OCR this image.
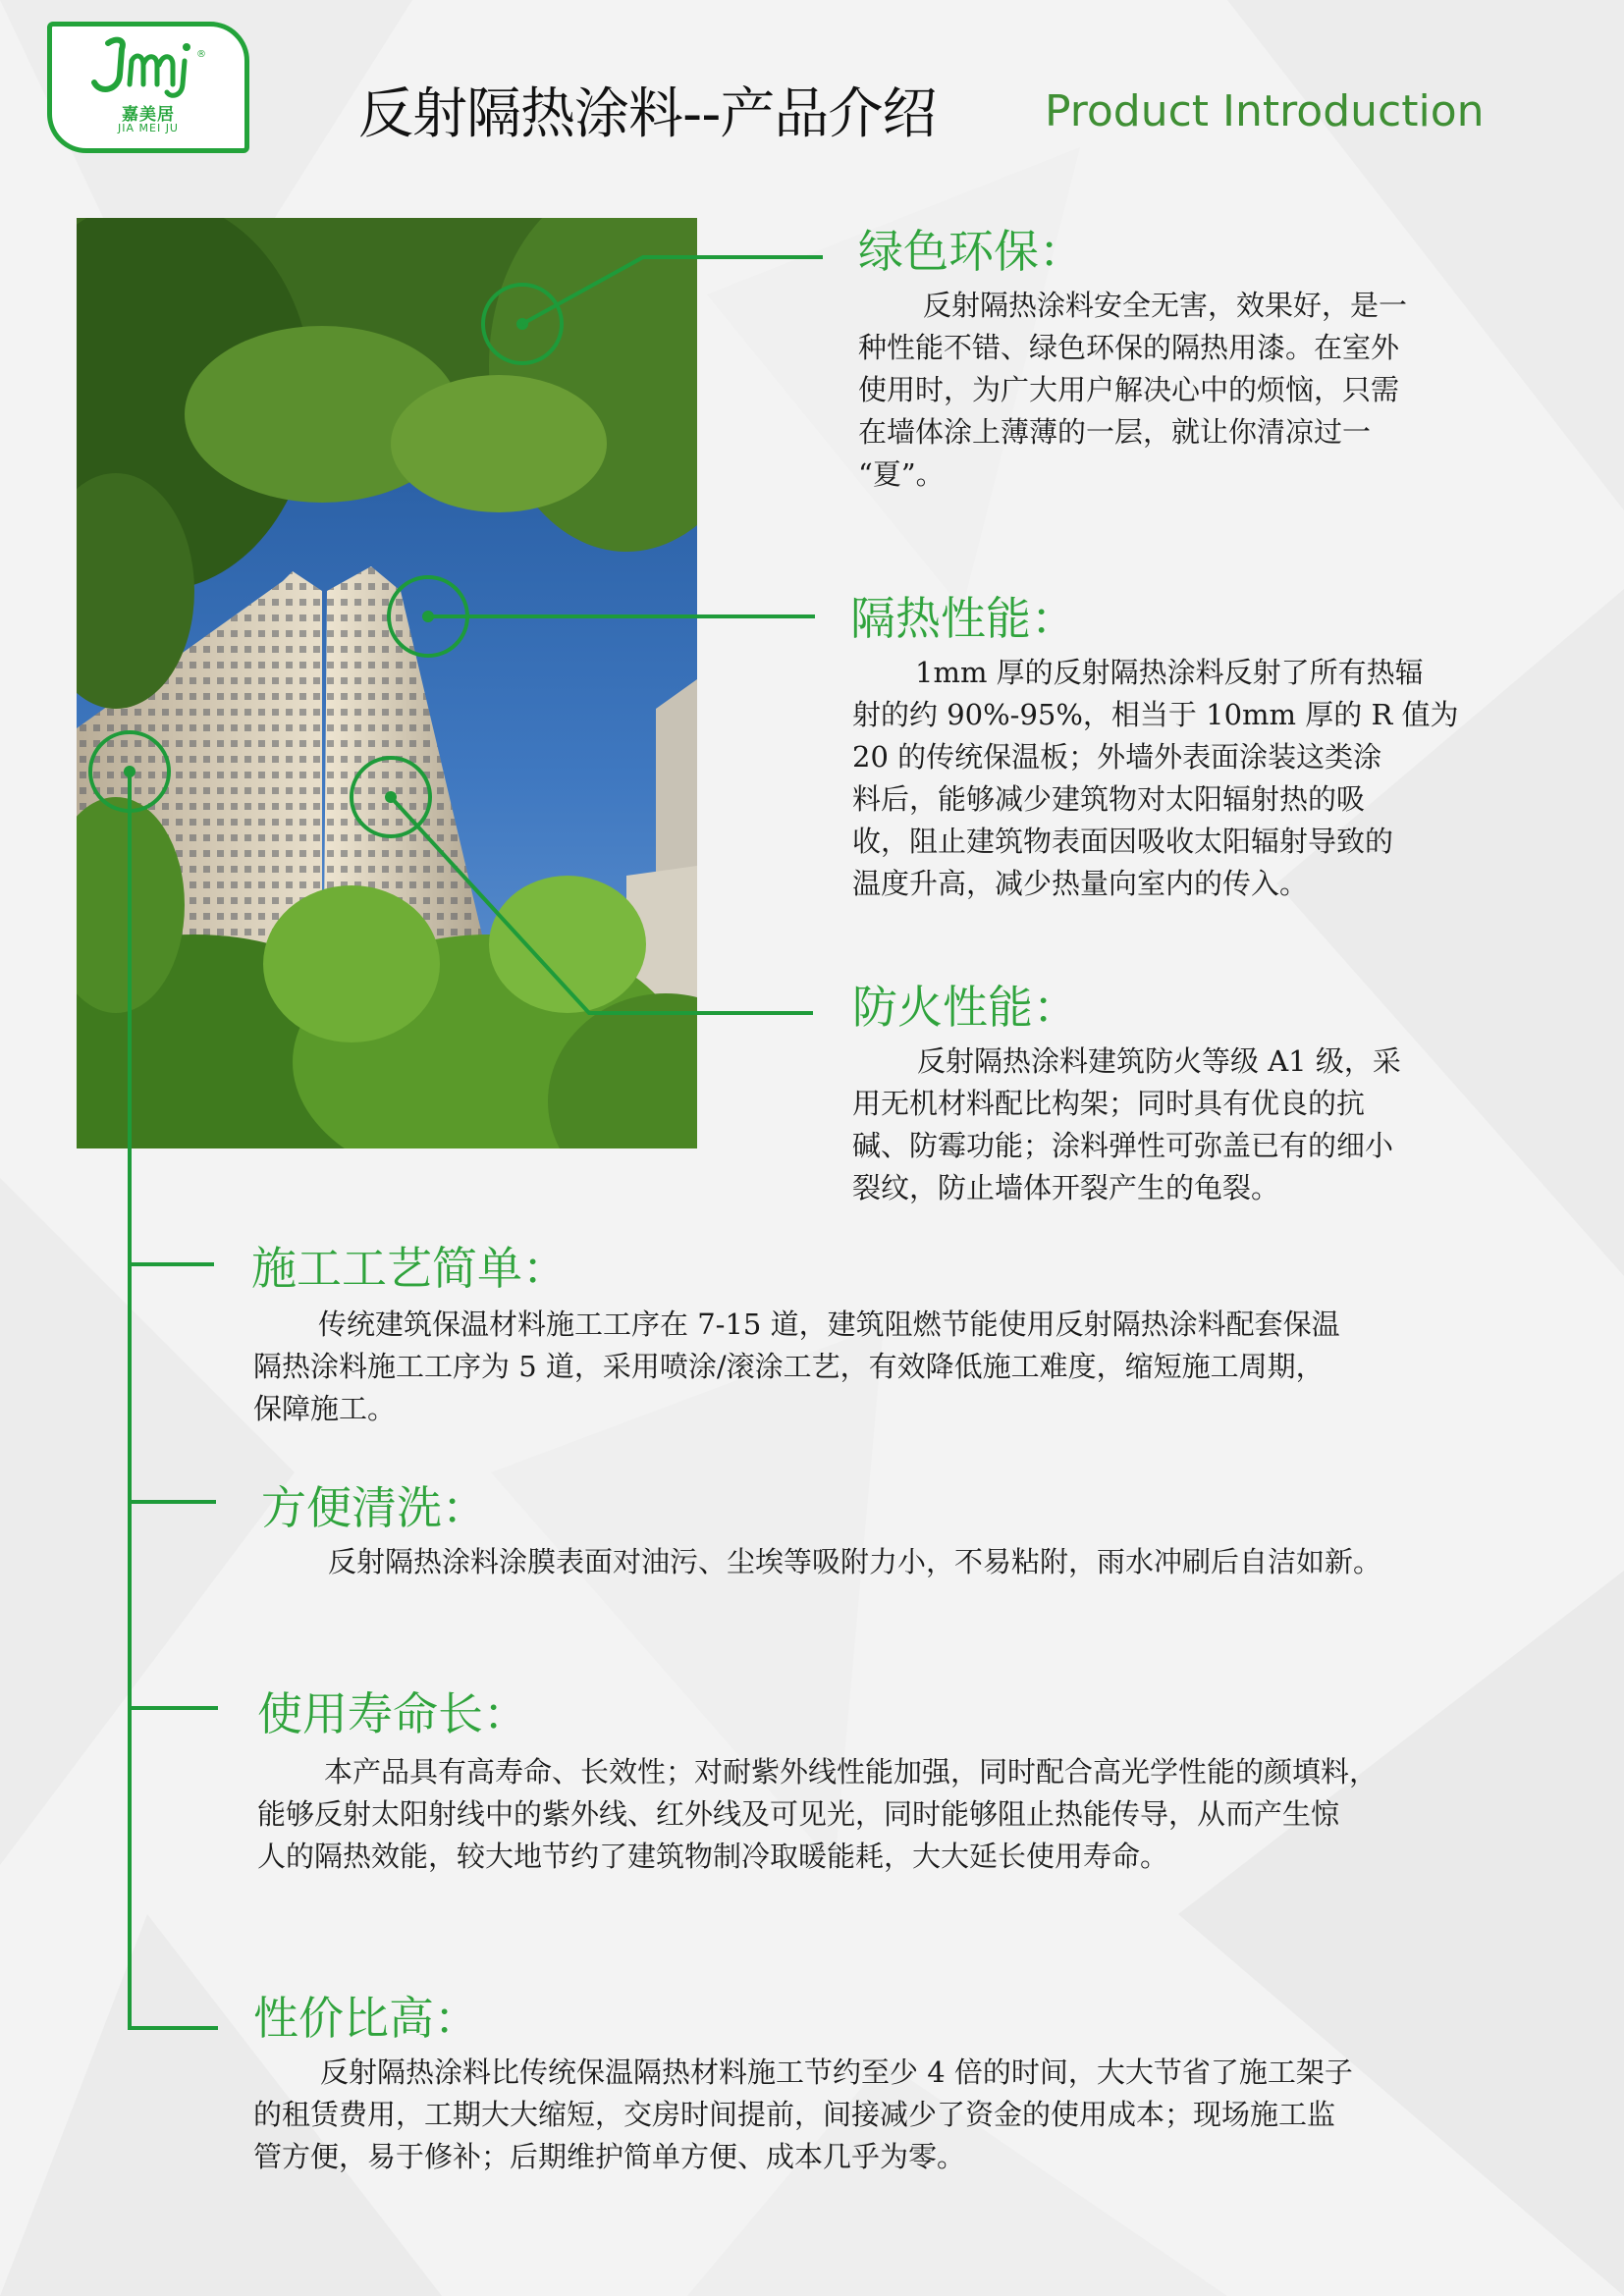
®
嘉美居
JIA MEI JU	反射隔热涂料--产品介绍	Product Introduction
绿色环保：
反射隔热涂料安全无害，效果好，是一
种性能不错、绿色环保的隔热用漆。在室外
使用时，为广大用户解决心中的烦恼，只需
在墙体涂上薄薄的一层，就让你清凉过一
“夏”。
隔热性能：
1mm 厚的反射隔热涂料反射了所有热辐
射的约 90%-95%，相当于 10mm 厚的 R 值为
20 的传统保温板；外墙外表面涂装这类涂
料后，能够减少建筑物对太阳辐射热的吸
收，阻止建筑物表面因吸收太阳辐射导致的
温度升高，减少热量向室内的传入。
防火性能：
反射隔热涂料建筑防火等级 A1 级，采
用无机材料配比构架；同时具有优良的抗
碱、防霉功能；涂料弹性可弥盖已有的细小
裂纹，防止墙体开裂产生的龟裂。
施工工艺简单：
传统建筑保温材料施工工序在 7-15 道，建筑阻燃节能使用反射隔热涂料配套保温
隔热涂料施工工序为 5 道，采用喷涂/滚涂工艺，有效降低施工难度，缩短施工周期，
保障施工。
方便清洗：
反射隔热涂料涂膜表面对油污、尘埃等吸附力小，不易粘附，雨水冲刷后自洁如新。
使用寿命长：
本产品具有高寿命、长效性；对耐紫外线性能加强，同时配合高光学性能的颜填料，
能够反射太阳射线中的紫外线、红外线及可见光，同时能够阻止热能传导，从而产生惊
人的隔热效能，较大地节约了建筑物制冷取暖能耗，大大延长使用寿命。
性价比高：
反射隔热涂料比传统保温隔热材料施工节约至少 4 倍的时间，大大节省了施工架子
的租赁费用，工期大大缩短，交房时间提前，间接减少了资金的使用成本；现场施工监
管方便，易于修补；后期维护简单方便、成本几乎为零。
